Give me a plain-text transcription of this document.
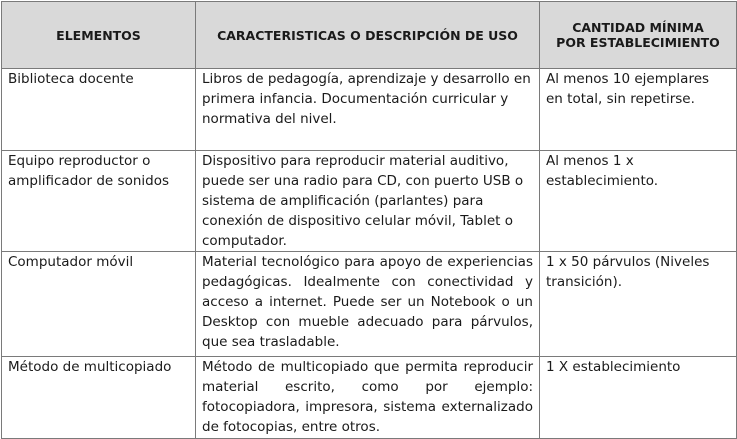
ELEMENTOS	CARACTERISTICAS O DESCRIPCIÓN DE USO	CANTIDAD MÍNIMA
POR ESTABLECIMIENTO

Biblioteca docente	Libros de pedagogía, aprendizaje y desarrollo en primera infancia. Documentación curricular y normativa del nivel.	Al menos 10 ejemplares en total, sin repetirse.
Equipo reproductor o amplificador de sonidos	Dispositivo para reproducir material auditivo, puede ser una radio para CD, con puerto USB o sistema de amplificación (parlantes) para conexión de dispositivo celular móvil, Tablet o computador.	Al menos 1 x establecimiento.
Computador móvil	Material tecnológico para apoyo de experiencias pedagógicas. Idealmente con conectividad y acceso a internet. Puede ser un Notebook o un Desktop con mueble adecuado para párvulos, que sea trasladable.	1 x 50 párvulos (Niveles transición).
Método de multicopiado	Método de multicopiado que permita reproducir material escrito, como por ejemplo: fotocopiadora, impresora, sistema externalizado de fotocopias, entre otros.	1 X establecimiento
